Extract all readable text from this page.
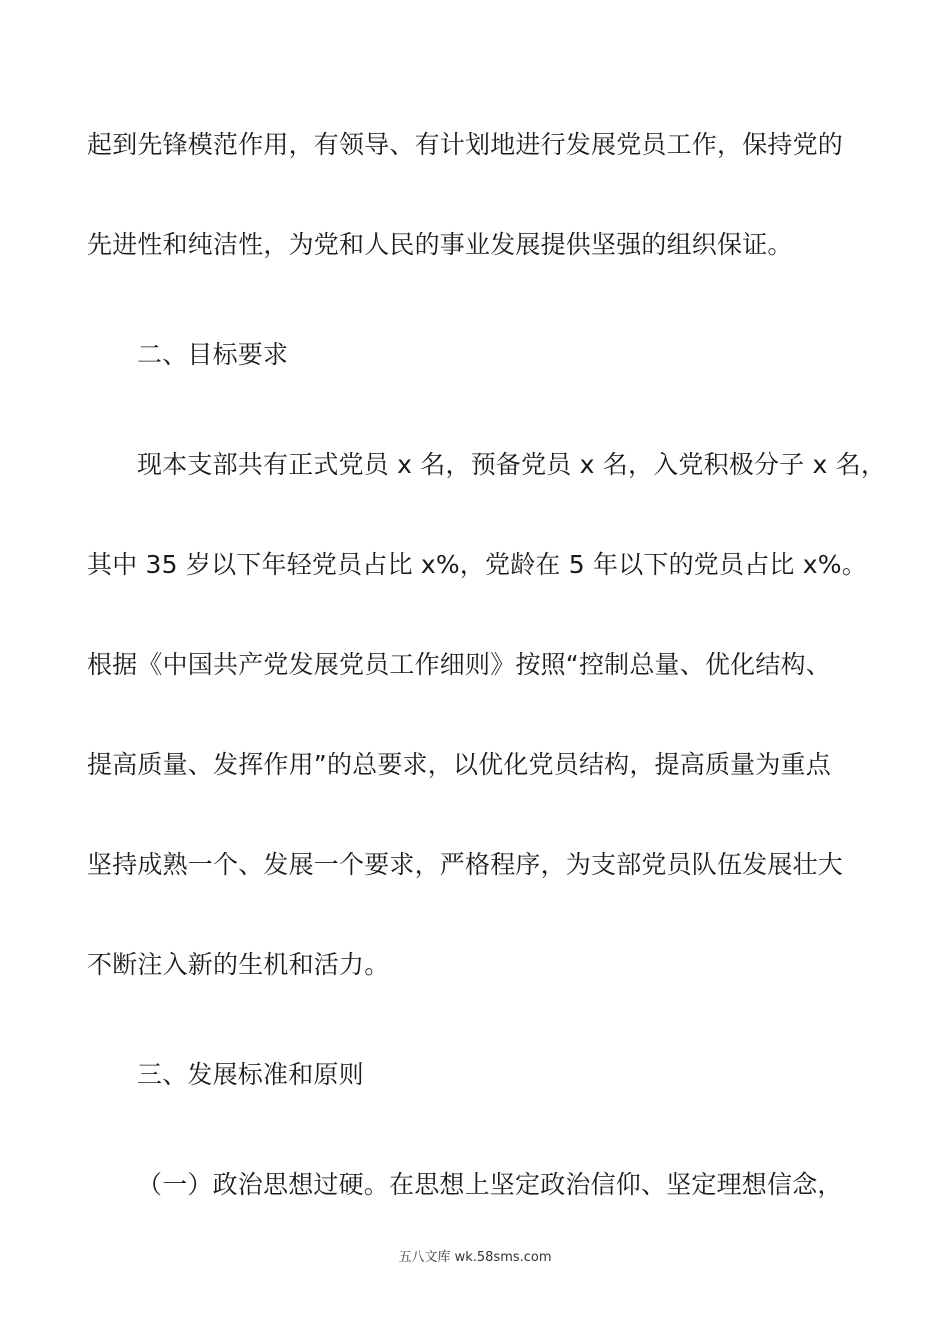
起到先锋模范作用，有领导、有计划地进行发展党员工作，保持党的
先进性和纯洁性，为党和人民的事业发展提供坚强的组织保证。
二、目标要求
现本支部共有正式党员 x 名，预备党员 x 名，入党积极分子 x 名，
其中 35 岁以下年轻党员占比 x%，党龄在 5 年以下的党员占比 x%。
根据《中国共产党发展党员工作细则》按照“控制总量、优化结构、
提高质量、发挥作用”的总要求，以优化党员结构，提高质量为重点
坚持成熟一个、发展一个要求，严格程序，为支部党员队伍发展壮大
不断注入新的生机和活力。
三、发展标准和原则
（一）政治思想过硬。在思想上坚定政治信仰、坚定理想信念，
五八文库 wk.58sms.com
